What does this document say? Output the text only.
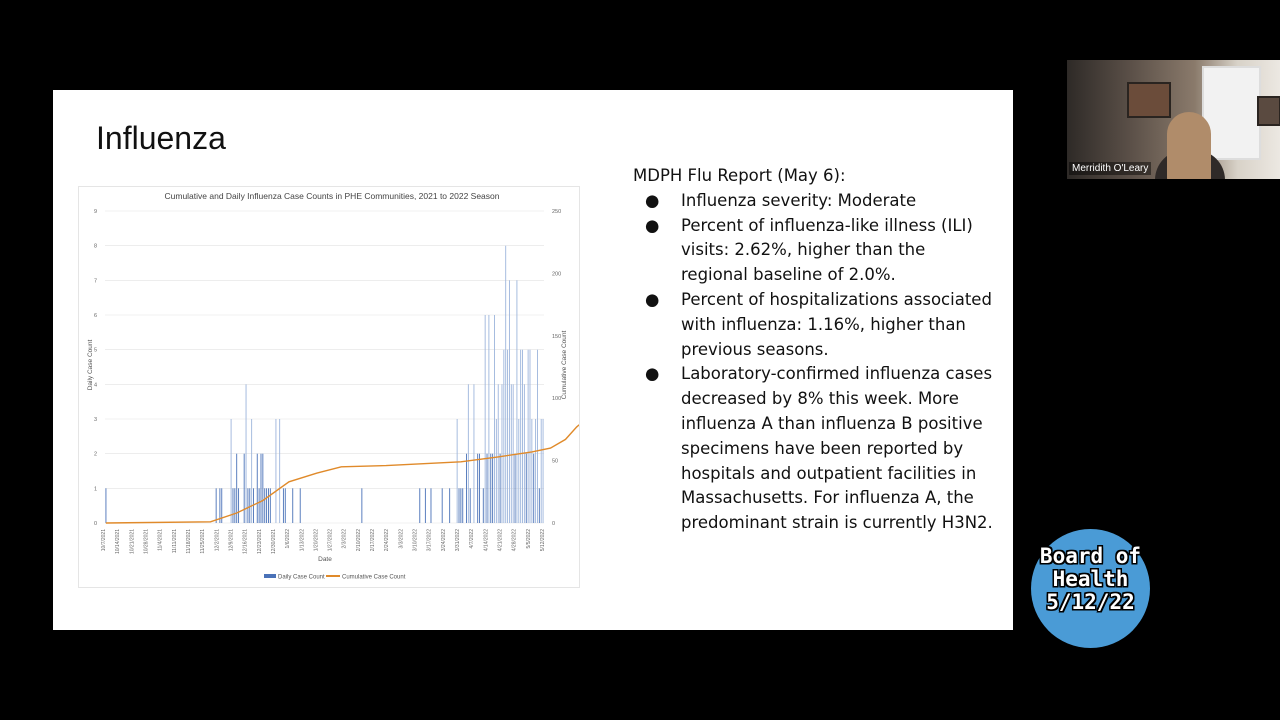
Influenza
Cumulative and Daily Influenza Case Counts in PHE Communities, 2021 to 2022 Season
0
1
2
3
4
5
6
7
8
9
0
50
100
150
200
250
10/7/2021 10/14/2021 10/21/2021 10/28/2021 11/4/2021 11/11/2021 11/18/2021 11/25/2021 12/2/2021 12/9/2021 12/16/2021 12/23/2021 12/30/2021 1/6/2022 1/13/2022 1/20/2022 1/27/2022 2/3/2022 2/10/2022 2/17/2022 2/24/2022 3/3/2022 3/10/2022 3/17/2022 3/24/2022 3/31/2022 4/7/2022 4/14/2022 4/21/2022 4/28/2022 5/5/2022 5/12/2022
Daily Case Count	Cumulative Case Count
Date
Daily Case Count	Cumulative Case Count

MDPH Flu Report (May 6):

● Influenza severity: Moderate
● Percent of influenza-like illness (ILI) visits: 2.62%, higher than the regional baseline of 2.0%.
● Percent of hospitalizations associated with influenza: 1.16%, higher than previous seasons.
● Laboratory-confirmed influenza cases decreased by 8% this week. More influenza A than influenza B positive specimens have been reported by hospitals and outpatient facilities in Massachusetts. For influenza A, the predominant strain is currently H3N2.
Merridith O'Leary
Board of
Health
5/12/22
